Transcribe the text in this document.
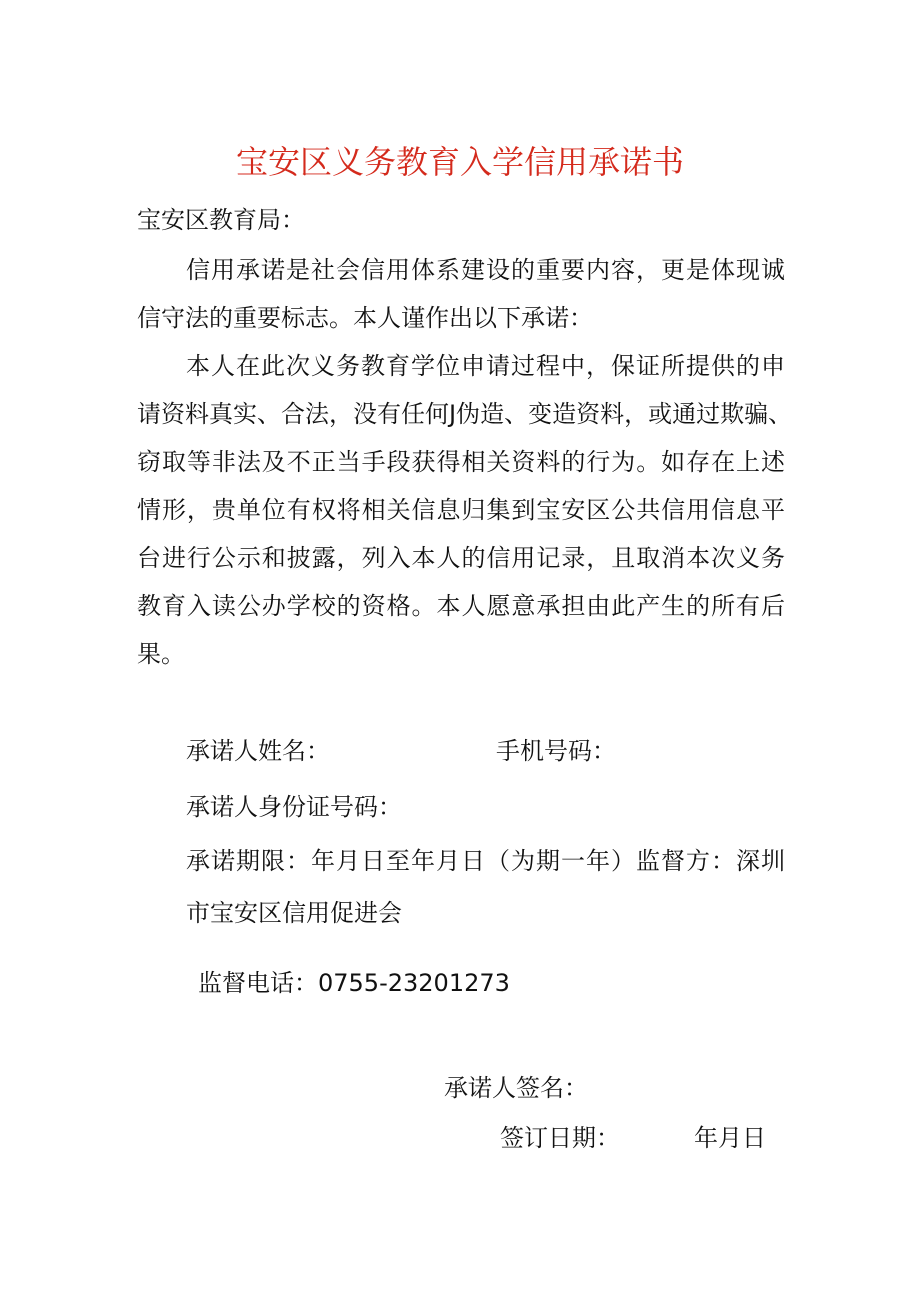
宝安区义务教育入学信用承诺书
宝安区教育局：
信用承诺是社会信用体系建设的重要内容，更是体现诚
信守法的重要标志。本人谨作出以下承诺：
本人在此次义务教育学位申请过程中，保证所提供的申
请资料真实、合法，没有任何J伪造、变造资料，或通过欺骗、
窃取等非法及不正当手段获得相关资料的行为。如存在上述
情形，贵单位有权将相关信息归集到宝安区公共信用信息平
台进行公示和披露，列入本人的信用记录，且取消本次义务
教育入读公办学校的资格。本人愿意承担由此产生的所有后
果。
承诺人姓名：	手机号码：
承诺人身份证号码：
承诺期限：年月日至年月日（为期一年）监督方：深圳
市宝安区信用促进会
监督电话：0755-23201273
承诺人签名：
签订日期：	年月日
